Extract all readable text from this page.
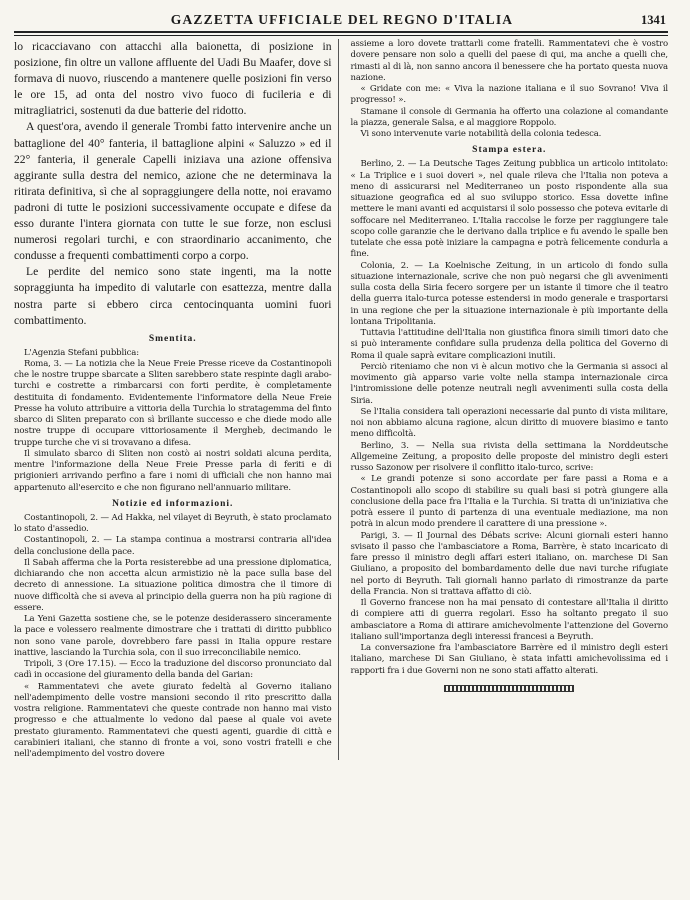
GAZZETTA UFFICIALE DEL REGNO D'ITALIA	1341

lo ricacciavano con attacchi alla baionetta, di posizione in posizione, fin oltre un vallone affluente del Uadi Bu Maafer, dove si formava di nuovo, riuscendo a mantenere quelle posizioni fin verso le ore 15, ad onta del nostro vivo fuoco di fucileria e di mitragliatrici, sostenuti da due batterie del ridotto.

A quest'ora, avendo il generale Trombi fatto intervenire anche un battaglione del 40° fanteria, il battaglione alpini « Saluzzo » ed il 22° fanteria, il generale Capelli iniziava una azione offensiva aggirante sulla destra del nemico, azione che ne determinava la ritirata definitiva, sì che al sopraggiungere della notte, noi eravamo padroni di tutte le posizioni successivamente occupate e difese da esso durante l'intera giornata con tutte le sue forze, non esclusi numerosi regolari turchi, e con straordinario accanimento, che condusse a frequenti combattimenti corpo a corpo.

Le perdite del nemico sono state ingenti, ma la notte sopraggiunta ha impedito di valutarle con esattezza, mentre dalla nostra parte si ebbero circa centocinquanta uomini fuori combattimento.

Smentita.

L'Agenzia Stefani pubblica:

Roma, 3. — La notizia che la Neue Freie Presse riceve da Costantinopoli che le nostre truppe sbarcate a Sliten sarebbero state respinte dagli arabo-turchi e costrette a rimbarcarsi con forti perdite, è completamente destituita di fondamento. Evidentemente l'informatore della Neue Freie Presse ha voluto attribuire a vittoria della Turchia lo stratagemma del finto sbarco di Sliten preparato con sì brillante successo e che diede modo alle nostre truppe di occupare vittoriosamente il Mergheb, decimando le truppe turche che vi si trovavano a difesa.

Il simulato sbarco di Sliten non costò ai nostri soldati alcuna perdita, mentre l'informazione della Neue Freie Presse parla di feriti e di prigionieri arrivando perfino a fare i nomi di ufficiali che non hanno mai appartenuto all'esercito e che non figurano nell'annuario militare.

Notizie ed informazioni.

Costantinopoli, 2. — Ad Hakka, nel vilayet di Beyruth, è stato proclamato lo stato d'assedio.

Costantinopoli, 2. — La stampa continua a mostrarsi contraria all'idea della conclusione della pace.

Il Sabah afferma che la Porta resisterebbe ad una pressione diplomatica, dichiarando che non accetta alcun armistizio nè la pace sulla base del decreto di annessione. La situazione politica dimostra che il timore di nuove difficoltà che si aveva al principio della guerra non ha più ragione di essere.

La Yeni Gazetta sostiene che, se le potenze desiderassero sinceramente la pace e volessero realmente dimostrare che i trattati di diritto pubblico non sono vane parole, dovrebbero fare passi in Italia oppure restare inattive, lasciando la Turchia sola, con il suo irreconciliabile nemico.

Tripoli, 3 (Ore 17.15). — Ecco la traduzione del discorso pronunciato dal cadì in occasione del giuramento della banda del Garian:

« Rammentatevi che avete giurato fedeltà al Governo italiano nell'adempimento delle vostre mansioni secondo il rito prescritto dalla vostra religione. Rammentatevi che queste contrade non hanno mai visto progresso e che attualmente lo vedono dal paese al quale voi avete prestato giuramento. Rammentatevi che questi agenti, guardie di città e carabinieri italiani, che stanno di fronte a voi, sono vostri fratelli e che nell'adempimento del vostro dovere

assieme a loro dovete trattarli come fratelli. Rammentatevi che è vostro dovere pensare non solo a quelli del paese di qui, ma anche a quelli che, rimasti al di là, non sanno ancora il benessere che ha portato questa nuova nazione.

« Gridate con me: « Viva la nazione italiana e il suo Sovrano! Viva il progresso! ».

Stamane il console di Germania ha offerto una colazione al comandante la piazza, generale Salsa, e al maggiore Roppolo.

Vi sono intervenute varie notabilità della colonia tedesca.

Stampa estera.

Berlino, 2. — La Deutsche Tages Zeitung pubblica un articolo intitolato: « La Triplice e i suoi doveri », nel quale rileva che l'Italia non poteva a meno di assicurarsi nel Mediterraneo un posto rispondente alla sua situazione geografica ed al suo sviluppo storico. Essa dovette infine mettere le mani avanti ed acquistarsi il solo possesso che poteva evitarle di soffocare nel Mediterraneo. L'Italia raccolse le forze per raggiungere tale scopo colle garanzie che le derivano dalla triplice e fu avendo le spalle ben tutelate che essa potè iniziare la campagna e potrà felicemente condurla a fine.

Colonia, 2. — La Koelnische Zeitung, in un articolo di fondo sulla situazione internazionale, scrive che non può negarsi che gli avvenimenti sulla costa della Siria fecero sorgere per un istante il timore che il teatro della guerra italo-turca potesse estendersi in modo generale e trasportarsi in una regione che per la situazione internazionale è più importante della lontana Tripolitania.

Tuttavia l'attitudine dell'Italia non giustifica finora simili timori dato che si può interamente confidare sulla prudenza della politica del Governo di Roma il quale saprà evitare complicazioni inutili.

Perciò riteniamo che non vi è alcun motivo che la Germania si associ al movimento già apparso varie volte nella stampa internazionale circa l'intromissione delle potenze neutrali negli avvenimenti sulla costa della Siria.

Se l'Italia considera tali operazioni necessarie dal punto di vista militare, noi non abbiamo alcuna ragione, alcun diritto di muovere biasimo e tanto meno difficoltà.

Berlino, 3. — Nella sua rivista della settimana la Norddeutsche Allgemeine Zeitung, a proposito delle proposte del ministro degli esteri russo Sazonow per risolvere il conflitto italo-turco, scrive:

« Le grandi potenze si sono accordate per fare passi a Roma e a Costantinopoli allo scopo di stabilire su quali basi si potrà giungere alla conclusione della pace fra l'Italia e la Turchia. Si tratta di un'iniziativa che potrà essere il punto di partenza di una eventuale mediazione, ma non potrà in alcun modo prendere il carattere di una pressione ».

Parigi, 3. — Il Journal des Débats scrive: Alcuni giornali esteri hanno svisato il passo che l'ambasciatore a Roma, Barrère, è stato incaricato di fare presso il ministro degli affari esteri italiano, on. marchese Di San Giuliano, a proposito del bombardamento delle due navi turche rifugiate nel porto di Beyruth. Tali giornali hanno parlato di rimostranze da parte della Francia. Non si trattava affatto di ciò.

Il Governo francese non ha mai pensato di contestare all'Italia il diritto di compiere atti di guerra regolari. Esso ha soltanto pregato il suo ambasciatore a Roma di attirare amichevolmente l'attenzione del Governo italiano sull'importanza degli interessi francesi a Beyruth.

La conversazione fra l'ambasciatore Barrère ed il ministro degli esteri italiano, marchese Di San Giuliano, è stata infatti amichevolissima ed i rapporti fra i due Governi non ne sono stati affatto alterati.
